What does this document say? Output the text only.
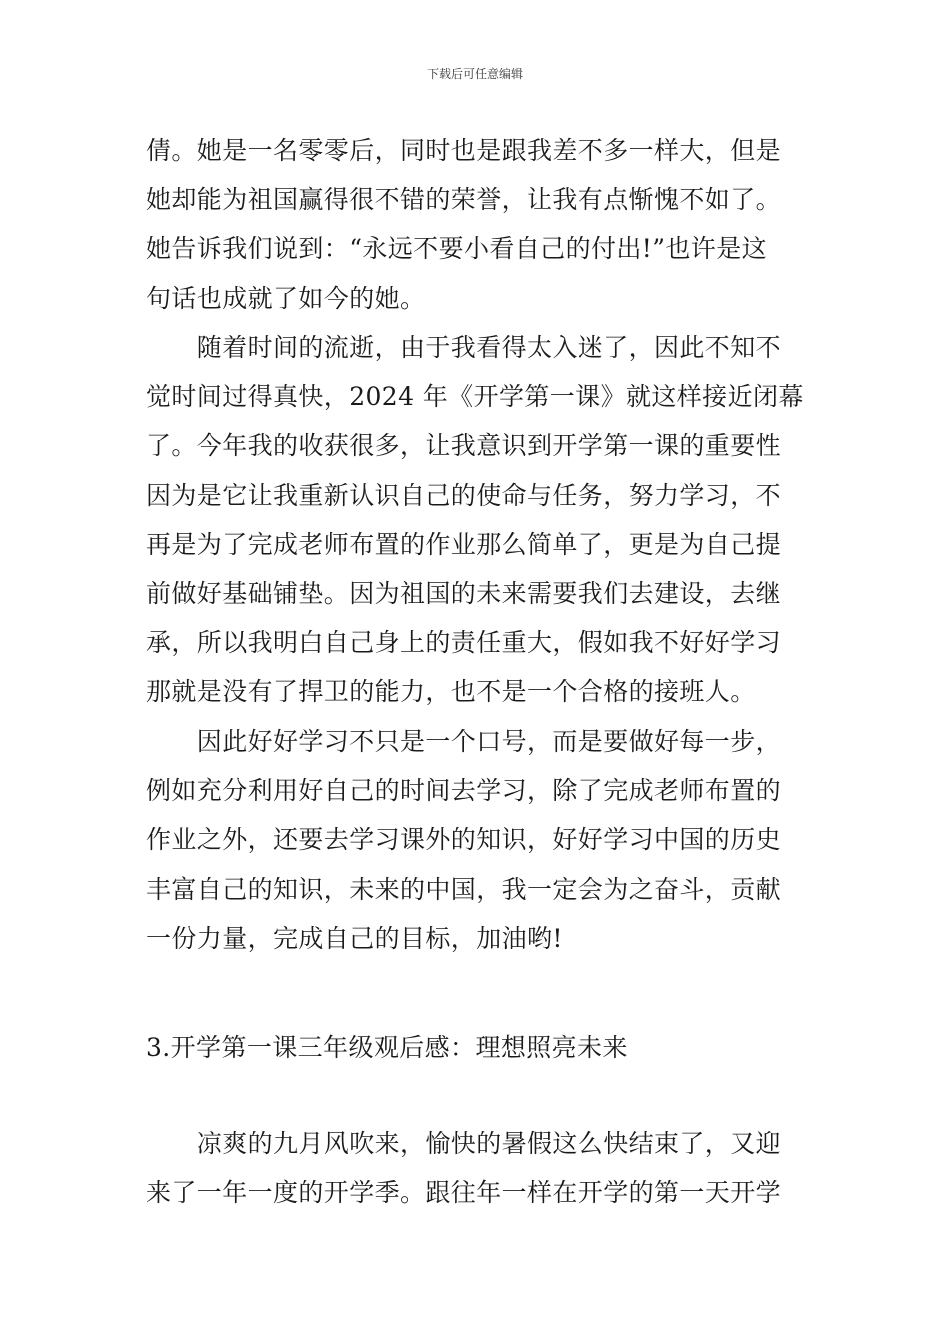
下载后可任意编辑
倩。她是一名零零后，同时也是跟我差不多一样大，但是
她却能为祖国赢得很不错的荣誉，让我有点惭愧不如了。
她告诉我们说到：“永远不要小看自己的付出!”也许是这
句话也成就了如今的她。
　　随着时间的流逝，由于我看得太入迷了，因此不知不
觉时间过得真快，2024 年《开学第一课》就这样接近闭幕
了。今年我的收获很多，让我意识到开学第一课的重要性
因为是它让我重新认识自己的使命与任务，努力学习，不
再是为了完成老师布置的作业那么简单了，更是为自己提
前做好基础铺垫。因为祖国的未来需要我们去建设，去继
承，所以我明白自己身上的责任重大，假如我不好好学习
那就是没有了捍卫的能力，也不是一个合格的接班人。
　　因此好好学习不只是一个口号，而是要做好每一步，
例如充分利用好自己的时间去学习，除了完成老师布置的
作业之外，还要去学习课外的知识，好好学习中国的历史
丰富自己的知识，未来的中国，我一定会为之奋斗，贡献
一份力量，完成自己的目标，加油哟!
3.开学第一课三年级观后感：理想照亮未来
　　凉爽的九月风吹来，愉快的暑假这么快结束了，又迎
来了一年一度的开学季。跟往年一样在开学的第一天开学
